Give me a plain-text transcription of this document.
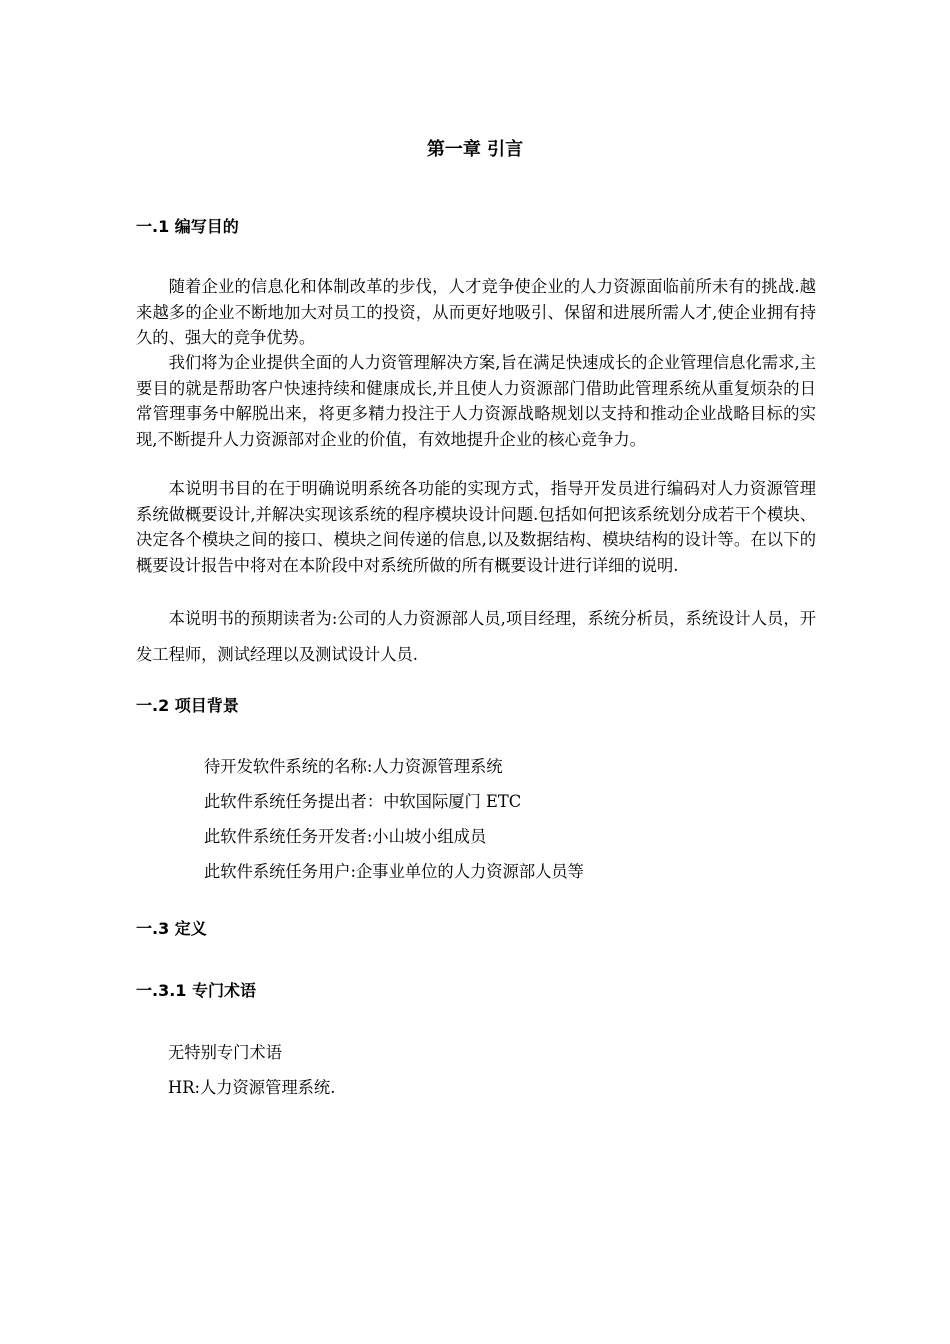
第一章 引言
一.1 编写目的

随着企业的信息化和体制改革的步伐，人才竞争使企业的人力资源面临前所未有的挑战.越来越多的企业不断地加大对员工的投资，从而更好地吸引、保留和进展所需人才,使企业拥有持久的、强大的竞争优势。

我们将为企业提供全面的人力资管理解决方案,旨在满足快速成长的企业管理信息化需求,主要目的就是帮助客户快速持续和健康成长,并且使人力资源部门借助此管理系统从重复烦杂的日常管理事务中解脱出来，将更多精力投注于人力资源战略规划以支持和推动企业战略目标的实现,不断提升人力资源部对企业的价值，有效地提升企业的核心竞争力。

本说明书目的在于明确说明系统各功能的实现方式，指导开发员进行编码对人力资源管理系统做概要设计,并解决实现该系统的程序模块设计问题.包括如何把该系统划分成若干个模块、决定各个模块之间的接口、模块之间传递的信息,以及数据结构、模块结构的设计等。在以下的概要设计报告中将对在本阶段中对系统所做的所有概要设计进行详细的说明.

本说明书的预期读者为:公司的人力资源部人员,项目经理，系统分析员，系统设计人员，开发工程师，测试经理以及测试设计人员.

一.2 项目背景
待开发软件系统的名称:人力资源管理系统
此软件系统任务提出者：中软国际厦门 ETC
此软件系统任务开发者:小山坡小组成员
此软件系统任务用户:企事业单位的人力资源部人员等
一.3 定义
一.3.1 专门术语
无特别专门术语
HR:人力资源管理系统.
